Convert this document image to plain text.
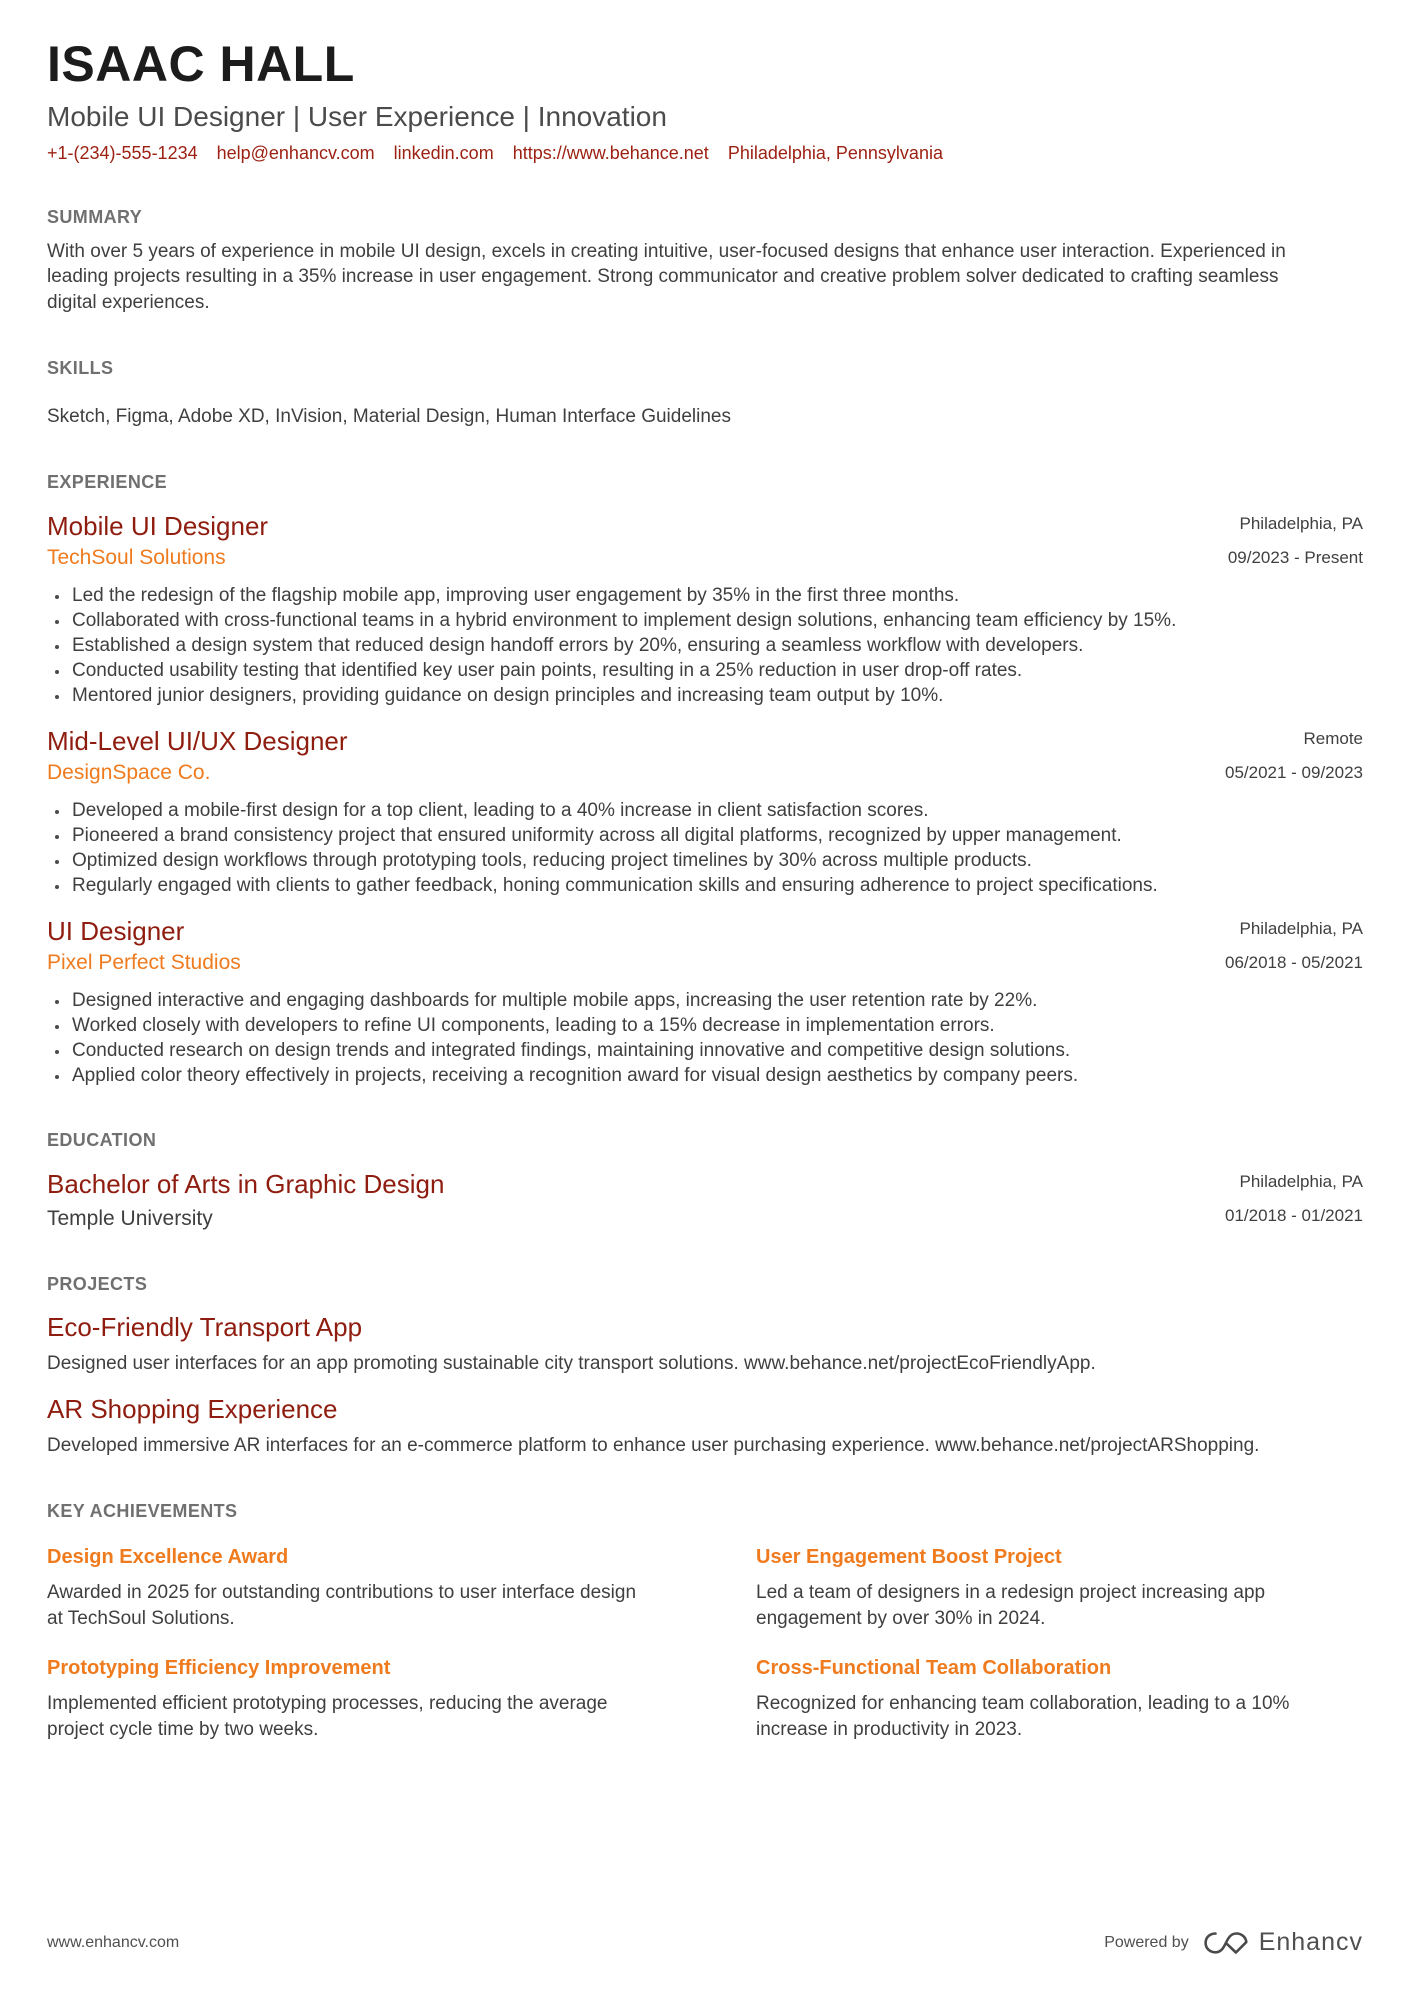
ISAAC HALL
Mobile UI Designer | User Experience | Innovation
+1-(234)-555-1234 help@enhancv.com linkedin.com https://www.behance.net Philadelphia, Pennsylvania
SUMMARY

With over 5 years of experience in mobile UI design, excels in creating intuitive, user-focused designs that enhance user interaction. Experienced in leading projects resulting in a 35% increase in user engagement. Strong communicator and creative problem solver dedicated to crafting seamless digital experiences.

SKILLS

Sketch, Figma, Adobe XD, InVision, Material Design, Human Interface Guidelines

EXPERIENCE
Mobile UI Designer
TechSoul Solutions
Philadelphia, PA
09/2023 - Present
• Led the redesign of the flagship mobile app, improving user engagement by 35% in the first three months.
• Collaborated with cross-functional teams in a hybrid environment to implement design solutions, enhancing team efficiency by 15%.
• Established a design system that reduced design handoff errors by 20%, ensuring a seamless workflow with developers.
• Conducted usability testing that identified key user pain points, resulting in a 25% reduction in user drop-off rates.
• Mentored junior designers, providing guidance on design principles and increasing team output by 10%.
Mid-Level UI/UX Designer
DesignSpace Co.
Remote
05/2021 - 09/2023
• Developed a mobile-first design for a top client, leading to a 40% increase in client satisfaction scores.
• Pioneered a brand consistency project that ensured uniformity across all digital platforms, recognized by upper management.
• Optimized design workflows through prototyping tools, reducing project timelines by 30% across multiple products.
• Regularly engaged with clients to gather feedback, honing communication skills and ensuring adherence to project specifications.
UI Designer
Pixel Perfect Studios
Philadelphia, PA
06/2018 - 05/2021
• Designed interactive and engaging dashboards for multiple mobile apps, increasing the user retention rate by 22%.
• Worked closely with developers to refine UI components, leading to a 15% decrease in implementation errors.
• Conducted research on design trends and integrated findings, maintaining innovative and competitive design solutions.
• Applied color theory effectively in projects, receiving a recognition award for visual design aesthetics by company peers.
EDUCATION
Bachelor of Arts in Graphic Design
Temple University
Philadelphia, PA
01/2018 - 01/2021
PROJECTS
Eco-Friendly Transport App

Designed user interfaces for an app promoting sustainable city transport solutions. www.behance.net/projectEcoFriendlyApp.

AR Shopping Experience

Developed immersive AR interfaces for an e-commerce platform to enhance user purchasing experience. www.behance.net/projectARShopping.

KEY ACHIEVEMENTS
Design Excellence Award

Awarded in 2025 for outstanding contributions to user interface design at TechSoul Solutions.

User Engagement Boost Project

Led a team of designers in a redesign project increasing app engagement by over 30% in 2024.

Prototyping Efficiency Improvement

Implemented efficient prototyping processes, reducing the average project cycle time by two weeks.

Cross-Functional Team Collaboration

Recognized for enhancing team collaboration, leading to a 10% increase in productivity in 2023.

www.enhancv.com	Powered by	Enhancv
